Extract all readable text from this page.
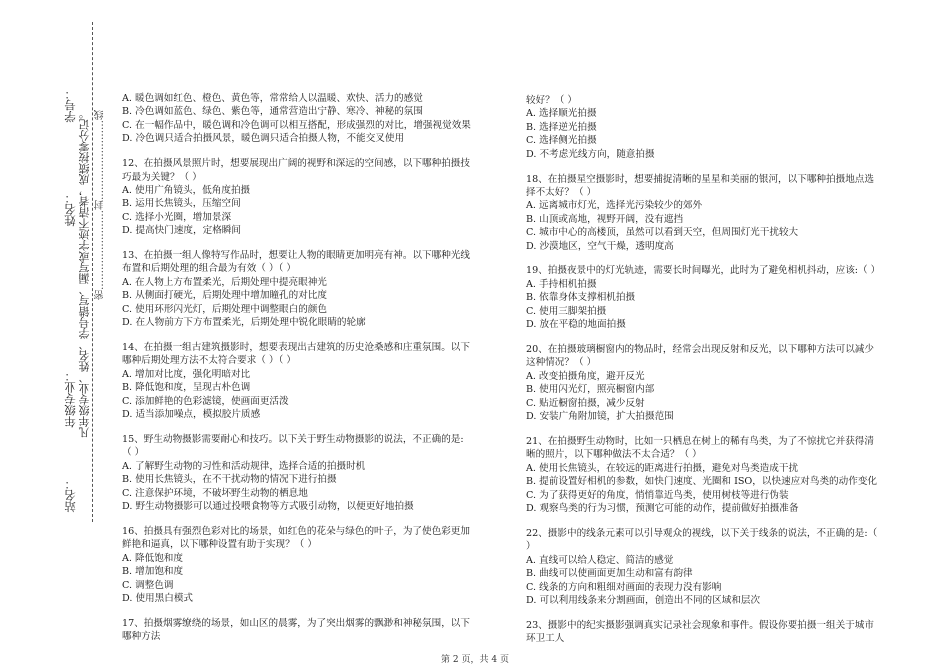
学号：
姓名：
年级专业：
站名：
凡年级专业、姓名、学号错写、漏写或字迹不清者，成绩按零分记。 密……………………封……………………线

A. 暖色调如红色、橙色、黄色等，常常给人以温暖、欢快、活力的感觉

B. 冷色调如蓝色、绿色、紫色等，通常营造出宁静、寒冷、神秘的氛围

C. 在一幅作品中，暖色调和冷色调可以相互搭配，形成强烈的对比，增强视觉效果

D. 冷色调只适合拍摄风景，暖色调只适合拍摄人物，不能交叉使用

12、在拍摄风景照片时，想要展现出广阔的视野和深远的空间感，以下哪种拍摄技巧最为关键？（ ）

A. 使用广角镜头，低角度拍摄

B. 运用长焦镜头，压缩空间

C. 选择小光圈，增加景深

D. 提高快门速度，定格瞬间

13、在拍摄一组人像特写作品时，想要让人物的眼睛更加明亮有神。以下哪种光线布置和后期处理的组合最为有效（ ）（ ）

A. 在人物上方布置柔光，后期处理中提亮眼神光

B. 从侧面打硬光，后期处理中增加瞳孔的对比度

C. 使用环形闪光灯，后期处理中调整眼白的颜色

D. 在人物前方下方布置柔光，后期处理中锐化眼睛的轮廓

14、在拍摄一组古建筑摄影时，想要表现出古建筑的历史沧桑感和庄重氛围。以下哪种后期处理方法不太符合要求（ ）（ ）

A. 增加对比度，强化明暗对比

B. 降低饱和度，呈现古朴色调

C. 添加鲜艳的色彩滤镜，使画面更活泼

D. 适当添加噪点，模拟胶片质感

15、野生动物摄影需要耐心和技巧。以下关于野生动物摄影的说法，不正确的是:（ ）

A. 了解野生动物的习性和活动规律，选择合适的拍摄时机

B. 使用长焦镜头，在不干扰动物的情况下进行拍摄

C. 注意保护环境，不破坏野生动物的栖息地

D. 野生动物摄影可以通过投喂食物等方式吸引动物，以便更好地拍摄

16、拍摄具有强烈色彩对比的场景，如红色的花朵与绿色的叶子，为了使色彩更加鲜艳和逼真，以下哪种设置有助于实现？（ ）

A. 降低饱和度

B. 增加饱和度

C. 调整色调

D. 使用黑白模式

17、拍摄烟雾缭绕的场景，如山区的晨雾，为了突出烟雾的飘渺和神秘氛围，以下哪种方法

较好？（ ）

A. 选择顺光拍摄

B. 选择逆光拍摄

C. 选择侧光拍摄

D. 不考虑光线方向，随意拍摄

18、在拍摄星空摄影时，想要捕捉清晰的星星和美丽的银河，以下哪种拍摄地点选择不太好？（ ）

A. 远离城市灯光，选择光污染较少的郊外

B. 山顶或高地，视野开阔，没有遮挡

C. 城市中心的高楼顶，虽然可以看到天空，但周围灯光干扰较大

D. 沙漠地区，空气干燥，透明度高

19、拍摄夜景中的灯光轨迹，需要长时间曝光，此时为了避免相机抖动，应该:（ ）

A. 手持相机拍摄

B. 依靠身体支撑相机拍摄

C. 使用三脚架拍摄

D. 放在平稳的地面拍摄

20、在拍摄玻璃橱窗内的物品时，经常会出现反射和反光，以下哪种方法可以减少这种情况？（ ）

A. 改变拍摄角度，避开反光

B. 使用闪光灯，照亮橱窗内部

C. 贴近橱窗拍摄，减少反射

D. 安装广角附加镜，扩大拍摄范围

21、在拍摄野生动物时，比如一只栖息在树上的稀有鸟类，为了不惊扰它并获得清晰的照片，以下哪种做法不太合适？（ ）

A. 使用长焦镜头，在较远的距离进行拍摄，避免对鸟类造成干扰

B. 提前设置好相机的参数，如快门速度、光圈和 ISO，以快速应对鸟类的动作变化

C. 为了获得更好的角度，悄悄靠近鸟类，使用树枝等进行伪装

D. 观察鸟类的行为习惯，预测它可能的动作，提前做好拍摄准备

22、摄影中的线条元素可以引导观众的视线，以下关于线条的说法，不正确的是:（ ）

A. 直线可以给人稳定、简洁的感觉

B. 曲线可以使画面更加生动和富有韵律

C. 线条的方向和粗细对画面的表现力没有影响

D. 可以利用线条来分割画面，创造出不同的区域和层次

23、摄影中的纪实摄影强调真实记录社会现象和事件。假设你要拍摄一组关于城市环卫工人

第 2 页，共 4 页
